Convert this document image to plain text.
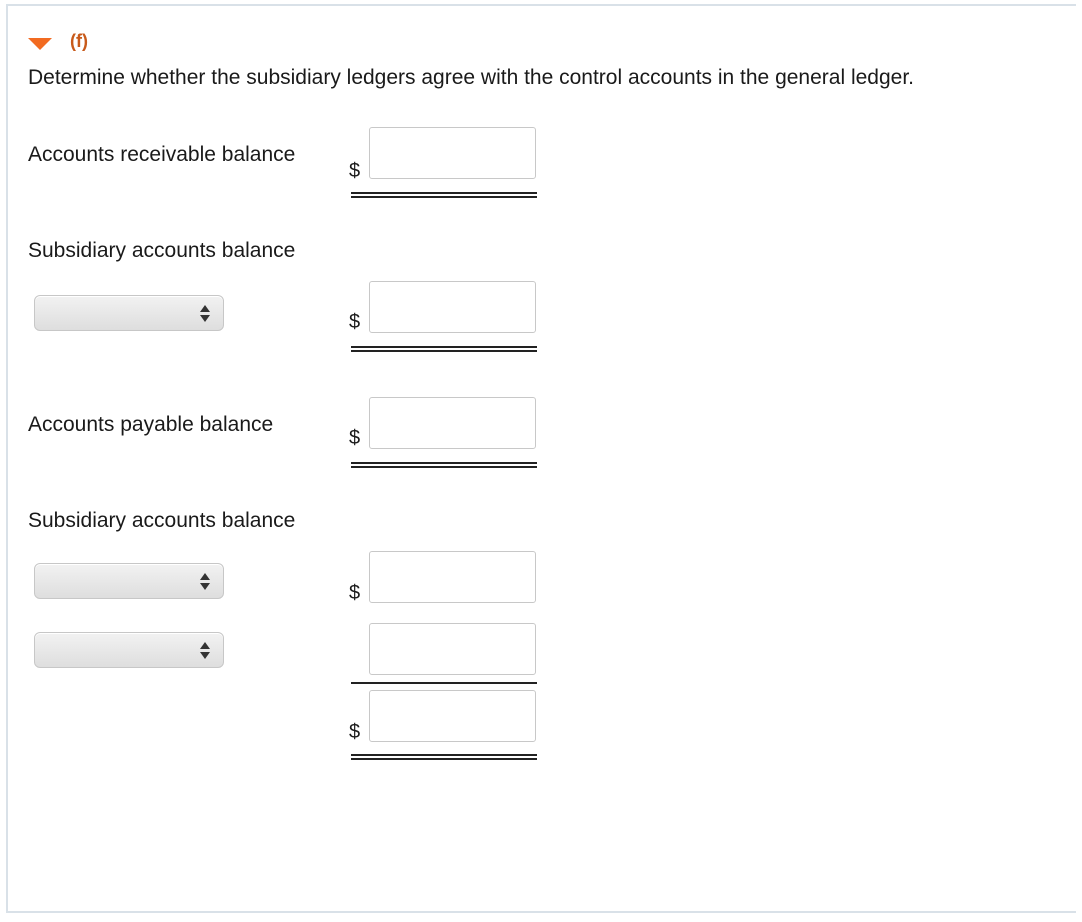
(f)
Determine whether the subsidiary ledgers agree with the control accounts in the general ledger.
Accounts receivable balance
$
Subsidiary accounts balance
$
Accounts payable balance
$
Subsidiary accounts balance
$
$
